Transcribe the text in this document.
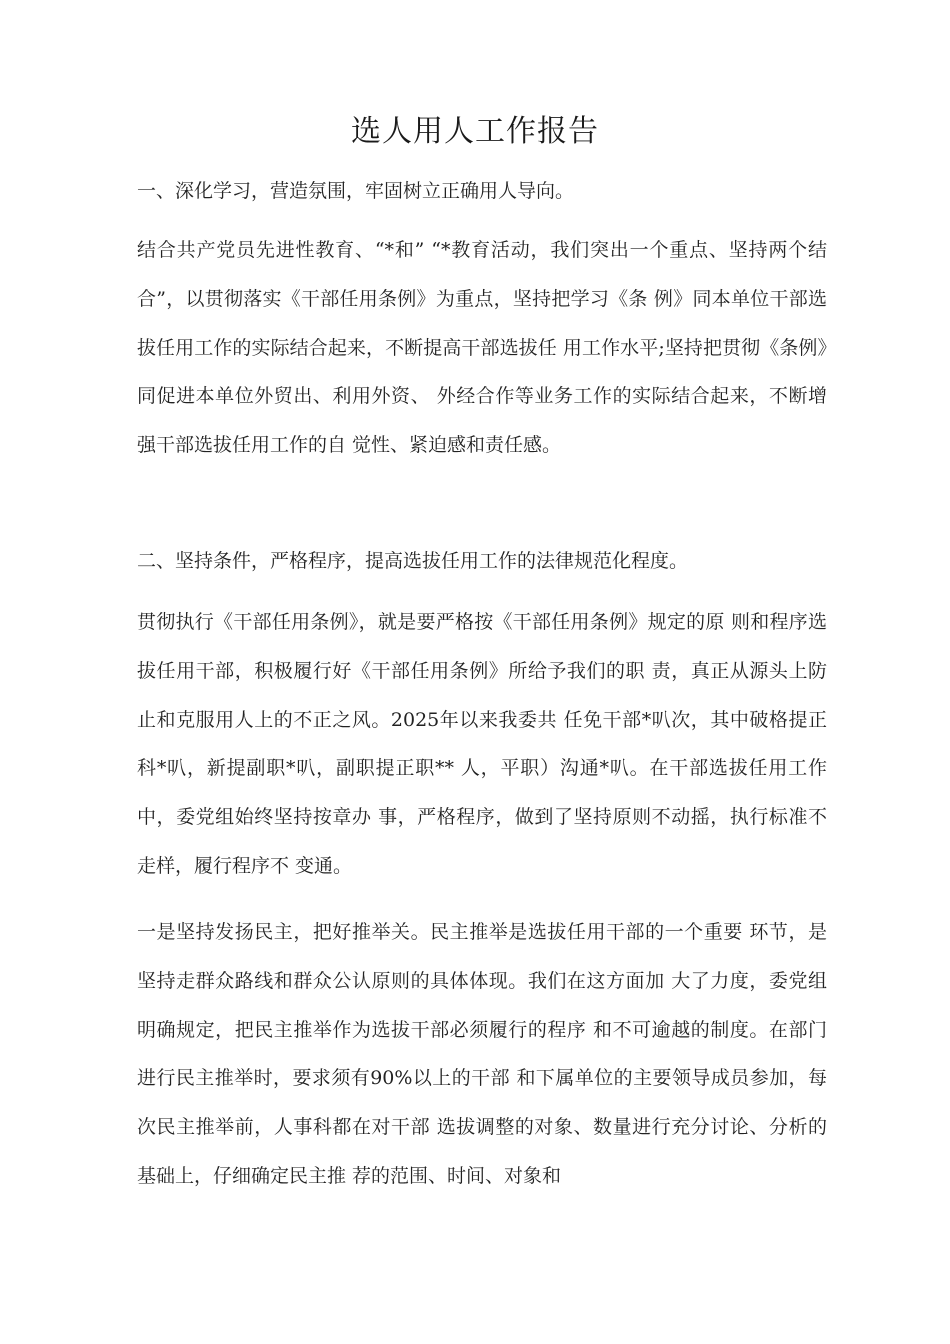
选人用人工作报告
一、深化学习，营造氛围，牢固树立正确用人导向。

结合共产党员先进性教育、“*和” “*教育活动，我们突出一个重点、坚持两个结合”，以贯彻落实《干部任用条例》为重点，坚持把学习《条 例》同本单位干部选拔任用工作的实际结合起来，不断提高干部选拔任 用工作水平;坚持把贯彻《条例》同促进本单位外贸出、利用外资、 外经合作等业务工作的实际结合起来，不断增强干部选拔任用工作的自 觉性、紧迫感和责任感。

二、坚持条件，严格程序，提高选拔任用工作的法律规范化程度。

贯彻执行《干部任用条例》，就是要严格按《干部任用条例》规定的原 则和程序选拔任用干部，积极履行好《干部任用条例》所给予我们的职 责，真正从源头上防止和克服用人上的不正之风。2025年以来我委共 任免干部*叭次，其中破格提正科*叭，新提副职*叭，副职提正职** 人，平职）沟通*叭。在干部选拔任用工作中，委党组始终坚持按章办 事，严格程序，做到了坚持原则不动摇，执行标准不走样，履行程序不 变通。

一是坚持发扬民主，把好推举关。民主推举是选拔任用干部的一个重要 环节，是坚持走群众路线和群众公认原则的具体体现。我们在这方面加 大了力度，委党组明确规定，把民主推举作为选拔干部必须履行的程序 和不可逾越的制度。在部门进行民主推举时，要求须有90%以上的干部 和下属单位的主要领导成员参加，每次民主推举前，人事科都在对干部 选拔调整的对象、数量进行充分讨论、分析的基础上，仔细确定民主推 荐的范围、时间、对象和
